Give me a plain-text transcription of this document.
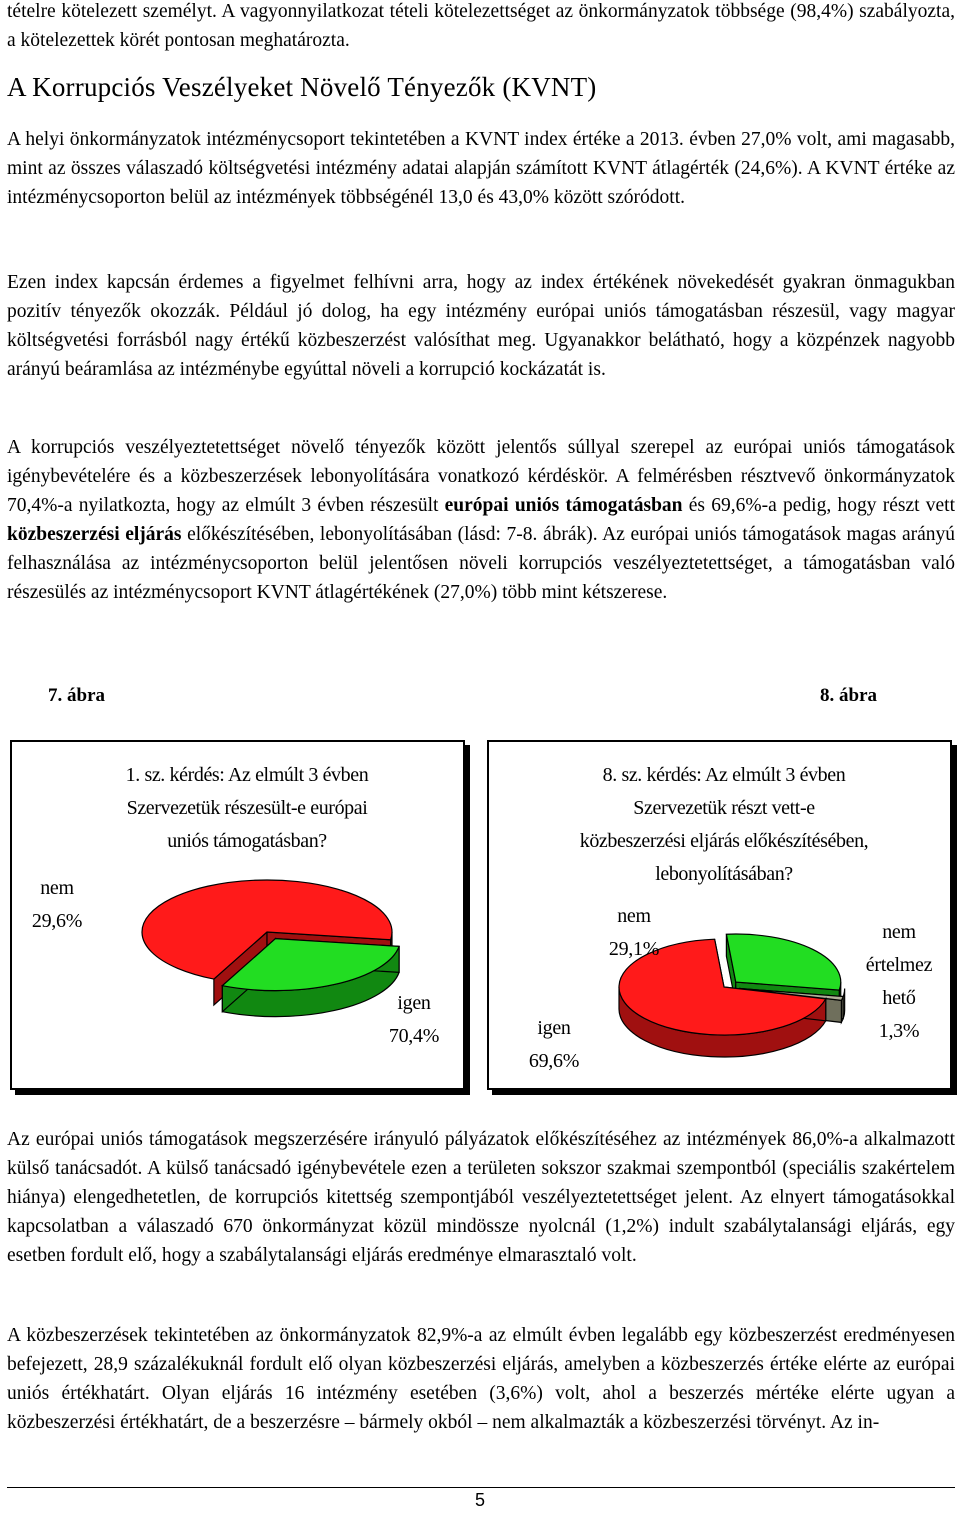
tételre kötelezett személyt. A vagyonnyilatkozat tételi kötelezettséget az önkormányzatok többsége (98,4%) szabályozta, a kötelezettek körét pontosan meghatározta.

A Korrupciós Veszélyeket Növelő Tényezők (KVNT)

A helyi önkormányzatok intézménycsoport tekintetében a KVNT index értéke a 2013. évben 27,0% volt, ami magasabb, mint az összes válaszadó költségvetési intézmény adatai alapján számított KVNT átlagérték (24,6%). A KVNT értéke az intézménycsoporton belül az intézmények többségénél 13,0 és 43,0% között szóródott.

Ezen index kapcsán érdemes a figyelmet felhívni arra, hogy az index értékének növekedését gyakran önmagukban pozitív tényezők okozzák. Például jó dolog, ha egy intézmény európai uniós támogatásban részesül, vagy magyar költségvetési forrásból nagy értékű közbeszerzést valósíthat meg. Ugyanakkor belátható, hogy a közpénzek nagyobb arányú beáramlása az intézménybe egyúttal növeli a korrupció kockázatát is.

A korrupciós veszélyeztetettséget növelő tényezők között jelentős súllyal szerepel az európai uniós támogatások igénybevételére és a közbeszerzések lebonyolítására vonatkozó kérdéskör. A felmérésben résztvevő önkormányzatok 70,4%-a nyilatkozta, hogy az elmúlt 3 évben részesült európai uniós támogatásban és 69,6%-a pedig, hogy részt vett közbeszerzési eljárás előkészítésében, lebonyolításában (lásd: 7-8. ábrák). Az európai uniós támogatások magas arányú felhasználása az intézménycsoporton belül jelentősen növeli korrupciós veszélyeztetettséget, a támogatásban való részesülés az intézménycsoport KVNT átlagértékének (27,0%) több mint kétszerese.

7. ábra	8. ábra
1. sz. kérdés: Az elmúlt 3 évben
Szervezetük részesült-e európai
uniós támogatásban?
nem
29,6%
igen
70,4%
8. sz. kérdés: Az elmúlt 3 évben
Szervezetük részt vett-e
közbeszerzési eljárás előkészítésében,
lebonyolításában?
nem
29,1%
nem
értelmez
hető
1,3%
igen
69,6%

Az európai uniós támogatások megszerzésére irányuló pályázatok előkészítéséhez az intézmények 86,0%-a alkalmazott külső tanácsadót. A külső tanácsadó igénybevétele ezen a területen sokszor szakmai szempontból (speciális szakértelem hiánya) elengedhetetlen, de korrupciós kitettség szempontjából veszélyeztetettséget jelent. Az elnyert támogatásokkal kapcsolatban a válaszadó 670 önkormányzat közül mindössze nyolcnál (1,2%) indult szabálytalansági eljárás, egy esetben fordult elő, hogy a szabálytalansági eljárás eredménye elmarasztaló volt.

A közbeszerzések tekintetében az önkormányzatok 82,9%-a az elmúlt évben legalább egy közbeszerzést eredményesen befejezett, 28,9 százalékuknál fordult elő olyan közbeszerzési eljárás, amelyben a közbeszerzés értéke elérte az európai uniós értékhatárt. Olyan eljárás 16 intézmény esetében (3,6%) volt, ahol a beszerzés mértéke elérte ugyan a közbeszerzési értékhatárt, de a beszerzésre – bármely okból – nem alkalmazták a közbeszerzési törvényt. Az in-

5
